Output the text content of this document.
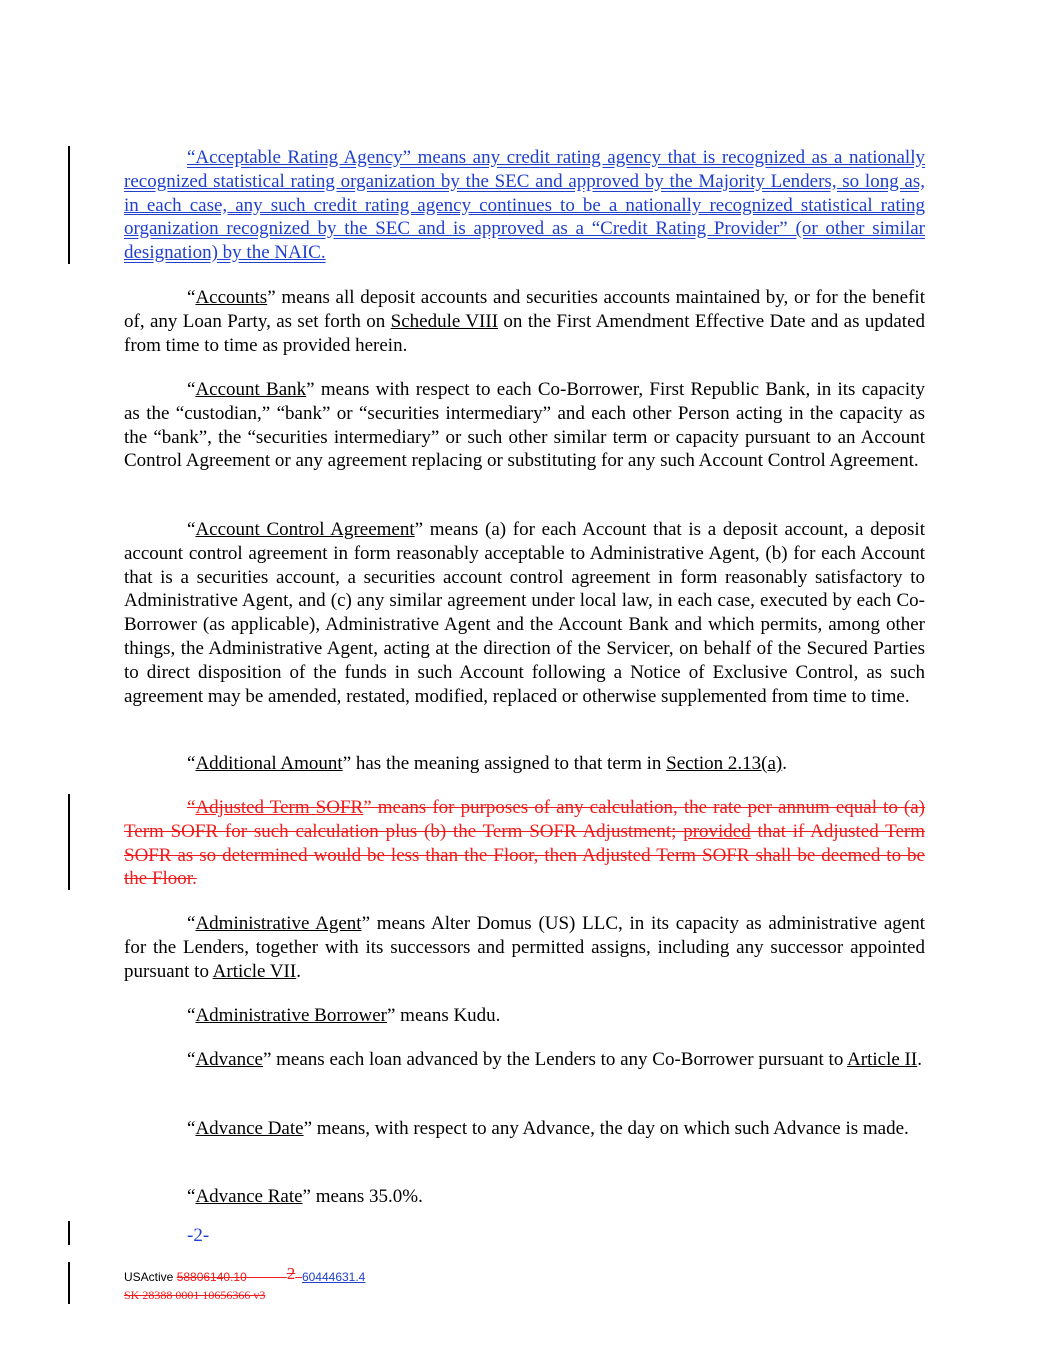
“Acceptable Rating Agency” means any credit rating agency that is recognized as a nationally recognized statistical rating organization by the SEC and approved by the Majority Lenders, so long as, in each case, any such credit rating agency continues to be a nationally recognized statistical rating organization recognized by the SEC and is approved as a “Credit Rating Provider” (or other similar designation) by the NAIC.

“Accounts” means all deposit accounts and securities accounts maintained by, or for the benefit of, any Loan Party, as set forth on Schedule VIII on the First Amendment Effective Date and as updated from time to time as provided herein.

“Account Bank” means with respect to each Co-Borrower, First Republic Bank, in its capacity as the “custodian,” “bank” or “securities intermediary” and each other Person acting in the capacity as the “bank”, the “securities intermediary” or such other similar term or capacity pursuant to an Account Control Agreement or any agreement replacing or substituting for any such Account Control Agreement.

“Account Control Agreement” means (a) for each Account that is a deposit account, a deposit account control agreement in form reasonably acceptable to Administrative Agent, (b) for each Account that is a securities account, a securities account control agreement in form reasonably satisfactory to Administrative Agent, and (c) any similar agreement under local law, in each case, executed by each Co-Borrower (as applicable), Administrative Agent and the Account Bank and which permits, among other things, the Administrative Agent, acting at the direction of the Servicer, on behalf of the Secured Parties to direct disposition of the funds in such Account following a Notice of Exclusive Control, as such agreement may be amended, restated, modified, replaced or otherwise supplemented from time to time.

“Additional Amount” has the meaning assigned to that term in Section 2.13(a).

“Adjusted Term SOFR” means for purposes of any calculation, the rate per annum equal to (a) Term SOFR for such calculation plus (b) the Term SOFR Adjustment; provided that if Adjusted Term SOFR as so determined would be less than the Floor, then Adjusted Term SOFR shall be deemed to be the Floor.

“Administrative Agent” means Alter Domus (US) LLC, in its capacity as administrative agent for the Lenders, together with its successors and permitted assigns, including any successor appointed pursuant to Article VII.

“Administrative Borrower” means Kudu.

“Advance” means each loan advanced by the Lenders to any Co-Borrower pursuant to Article II.

“Advance Date” means, with respect to any Advance, the day on which such Advance is made.

“Advance Rate” means 35.0%.

-2-
USActive 58806140.10 2 60444631.4
SK 28388 0001 10656366 v3
